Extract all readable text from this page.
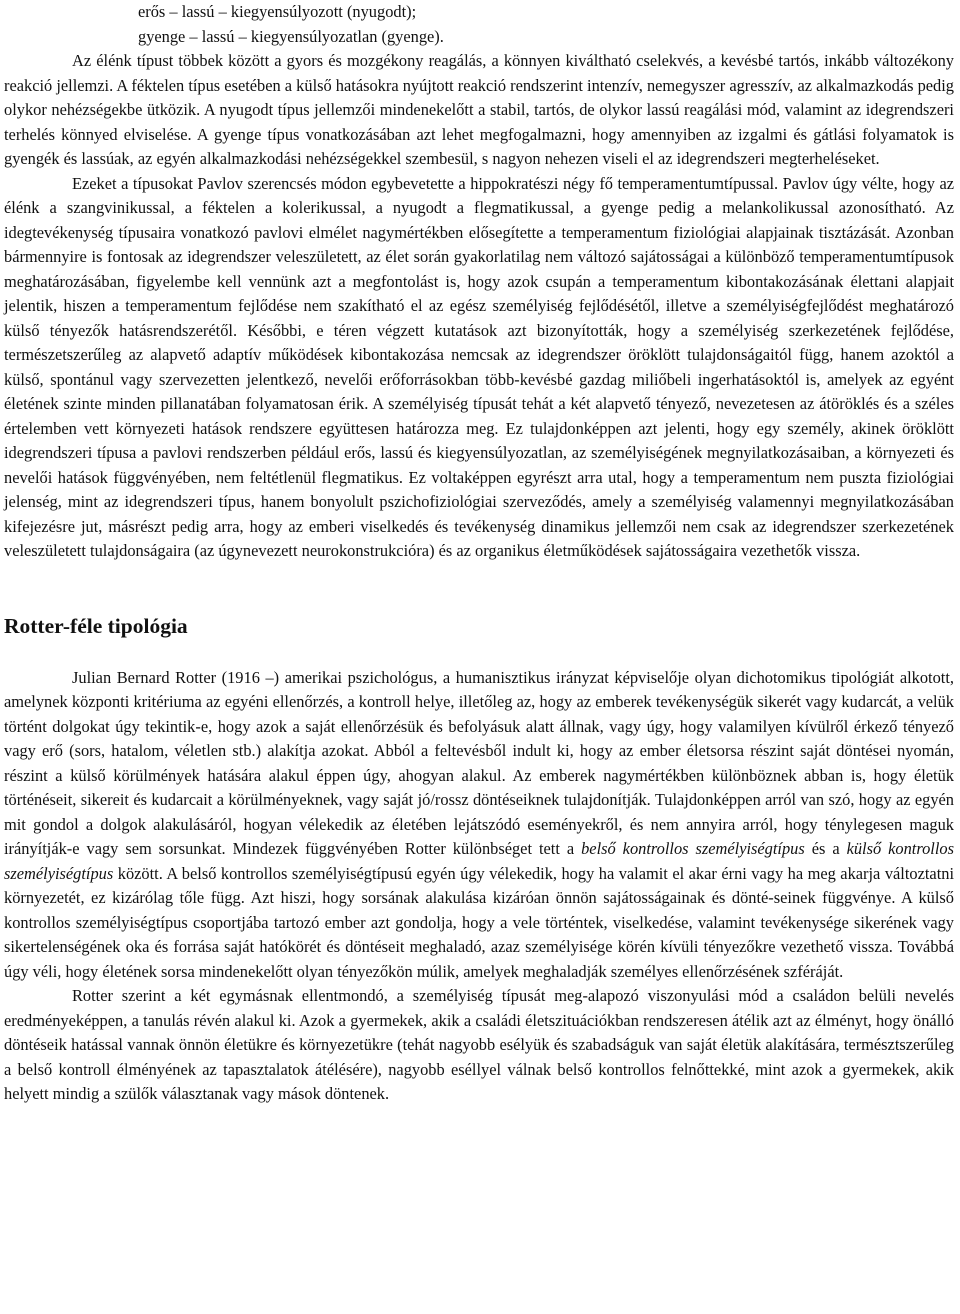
erős – lassú – kiegyensúlyozott (nyugodt);
gyenge – lassú – kiegyensúlyozatlan (gyenge).

Az élénk típust többek között a gyors és mozgékony reagálás, a könnyen kiváltható cselekvés, a kevésbé tartós, inkább változékony reakció jellemzi. A féktelen típus esetében a külső hatásokra nyújtott reakció rendszerint intenzív, nemegyszer agresszív, az alkalmazkodás pedig olykor nehézségekbe ütközik. A nyugodt típus jellemzői mindenekelőtt a stabil, tartós, de olykor lassú reagálási mód, valamint az idegrendszeri terhelés könnyed elviselése. A gyenge típus vonatkozásában azt lehet megfogalmazni, hogy amennyiben az izgalmi és gátlási folyamatok is gyengék és lassúak, az egyén alkalmazkodási nehézségekkel szembesül, s nagyon nehezen viseli el az idegrendszeri megterheléseket.

Ezeket a típusokat Pavlov szerencsés módon egybevetette a hippokratészi négy fő temperamentumtípussal. Pavlov úgy vélte, hogy az élénk a szangvinikussal, a féktelen a kolerikussal, a nyugodt a flegmatikussal, a gyenge pedig a melankolikussal azonosítható. Az idegtevékenység típusaira vonatkozó pavlovi elmélet nagymértékben elősegítette a temperamentum fiziológiai alapjainak tisztázását. Azonban bármennyire is fontosak az idegrendszer veleszületett, az élet során gyakorlatilag nem változó sajátosságai a különböző temperamentumtípusok meghatározásában, figyelembe kell vennünk azt a megfontolást is, hogy azok csupán a temperamentum kibontakozásának élettani alapjait jelentik, hiszen a temperamentum fejlődése nem szakítható el az egész személyiség fejlődésétől, illetve a személyiségfejlődést meghatározó külső tényezők hatásrendszerétől. Későbbi, e téren végzett kutatások azt bizonyították, hogy a személyiség szerkezetének fejlődése, természetszerűleg az alapvető adaptív működések kibontakozása nemcsak az idegrendszer öröklött tulajdonságaitól függ, hanem azoktól a külső, spontánul vagy szervezetten jelentkező, nevelői erőforrásokban több-kevésbé gazdag miliőbeli ingerhatásoktól is, amelyek az egyént életének szinte minden pillanatában folyamatosan érik. A személyiség típusát tehát a két alapvető tényező, nevezetesen az átöröklés és a széles értelemben vett környezeti hatások rendszere együttesen határozza meg. Ez tulajdonképpen azt jelenti, hogy egy személy, akinek öröklött idegrendszeri típusa a pavlovi rendszerben például erős, lassú és kiegyensúlyozatlan, az személyiségének megnyilatkozásaiban, a környezeti és nevelői hatások függvényében, nem feltétlenül flegmatikus. Ez voltaképpen egyrészt arra utal, hogy a temperamentum nem puszta fiziológiai jelenség, mint az idegrendszeri típus, hanem bonyolult pszichofiziológiai szerveződés, amely a személyiség valamennyi megnyilatkozásában kifejezésre jut, másrészt pedig arra, hogy az emberi viselkedés és tevékenység dinamikus jellemzői nem csak az idegrendszer szerkezetének veleszületett tulajdonságaira (az úgynevezett neurokonstrukcióra) és az organikus életműködések sajátosságaira vezethetők vissza.

Rotter-féle tipológia

Julian Bernard Rotter (1916 –) amerikai pszichológus, a humanisztikus irányzat képviselője olyan dichotomikus tipológiát alkotott, amelynek központi kritériuma az egyéni ellenőrzés, a kontroll helye, illetőleg az, hogy az emberek tevékenységük sikerét vagy kudarcát, a velük történt dolgokat úgy tekintik-e, hogy azok a saját ellenőrzésük és befolyásuk alatt állnak, vagy úgy, hogy valamilyen kívülről érkező tényező vagy erő (sors, hatalom, véletlen stb.) alakítja azokat. Abból a feltevésből indult ki, hogy az ember életsorsa részint saját döntései nyomán, részint a külső körülmények hatására alakul éppen úgy, ahogyan alakul. Az emberek nagymértékben különböznek abban is, hogy életük történéseit, sikereit és kudarcait a körülményeknek, vagy saját jó/rossz döntéseiknek tulajdonítják. Tulajdonképpen arról van szó, hogy az egyén mit gondol a dolgok alakulásáról, hogyan vélekedik az életében lejátszódó eseményekről, és nem annyira arról, hogy ténylegesen maguk irányítják-e vagy sem sorsunkat. Mindezek függvényében Rotter különbséget tett a belső kontrollos személyiségtípus és a külső kontrollos személyiségtípus között. A belső kontrollos személyiségtípusú egyén úgy vélekedik, hogy ha valamit el akar érni vagy ha meg akarja változtatni környezetét, ez kizárólag tőle függ. Azt hiszi, hogy sorsának alakulása kizáróan önnön sajátosságainak és dönté-seinek függvénye. A külső kontrollos személyiségtípus csoportjába tartozó ember azt gondolja, hogy a vele történtek, viselkedése, valamint tevékenysége sikerének vagy sikertelenségének oka és forrása saját hatókörét és döntéseit meghaladó, azaz személyisége körén kívüli tényezőkre vezethető vissza. Továbbá úgy véli, hogy életének sorsa mindenekelőtt olyan tényezőkön múlik, amelyek meghaladják személyes ellenőrzésének szféráját.

Rotter szerint a két egymásnak ellentmondó, a személyiség típusát meg-alapozó viszonyulási mód a családon belüli nevelés eredményeképpen, a tanulás révén alakul ki. Azok a gyermekek, akik a családi életszituációkban rendszeresen átélik azt az élményt, hogy önálló döntéseik hatással vannak önnön életükre és környezetükre (tehát nagyobb esélyük és szabadságuk van saját életük alakítására, természtszerűleg a belső kontroll élményének az tapasztalatok átélésére), nagyobb eséllyel válnak belső kontrollos felnőttekké, mint azok a gyermekek, akik helyett mindig a szülők választanak vagy mások döntenek.
